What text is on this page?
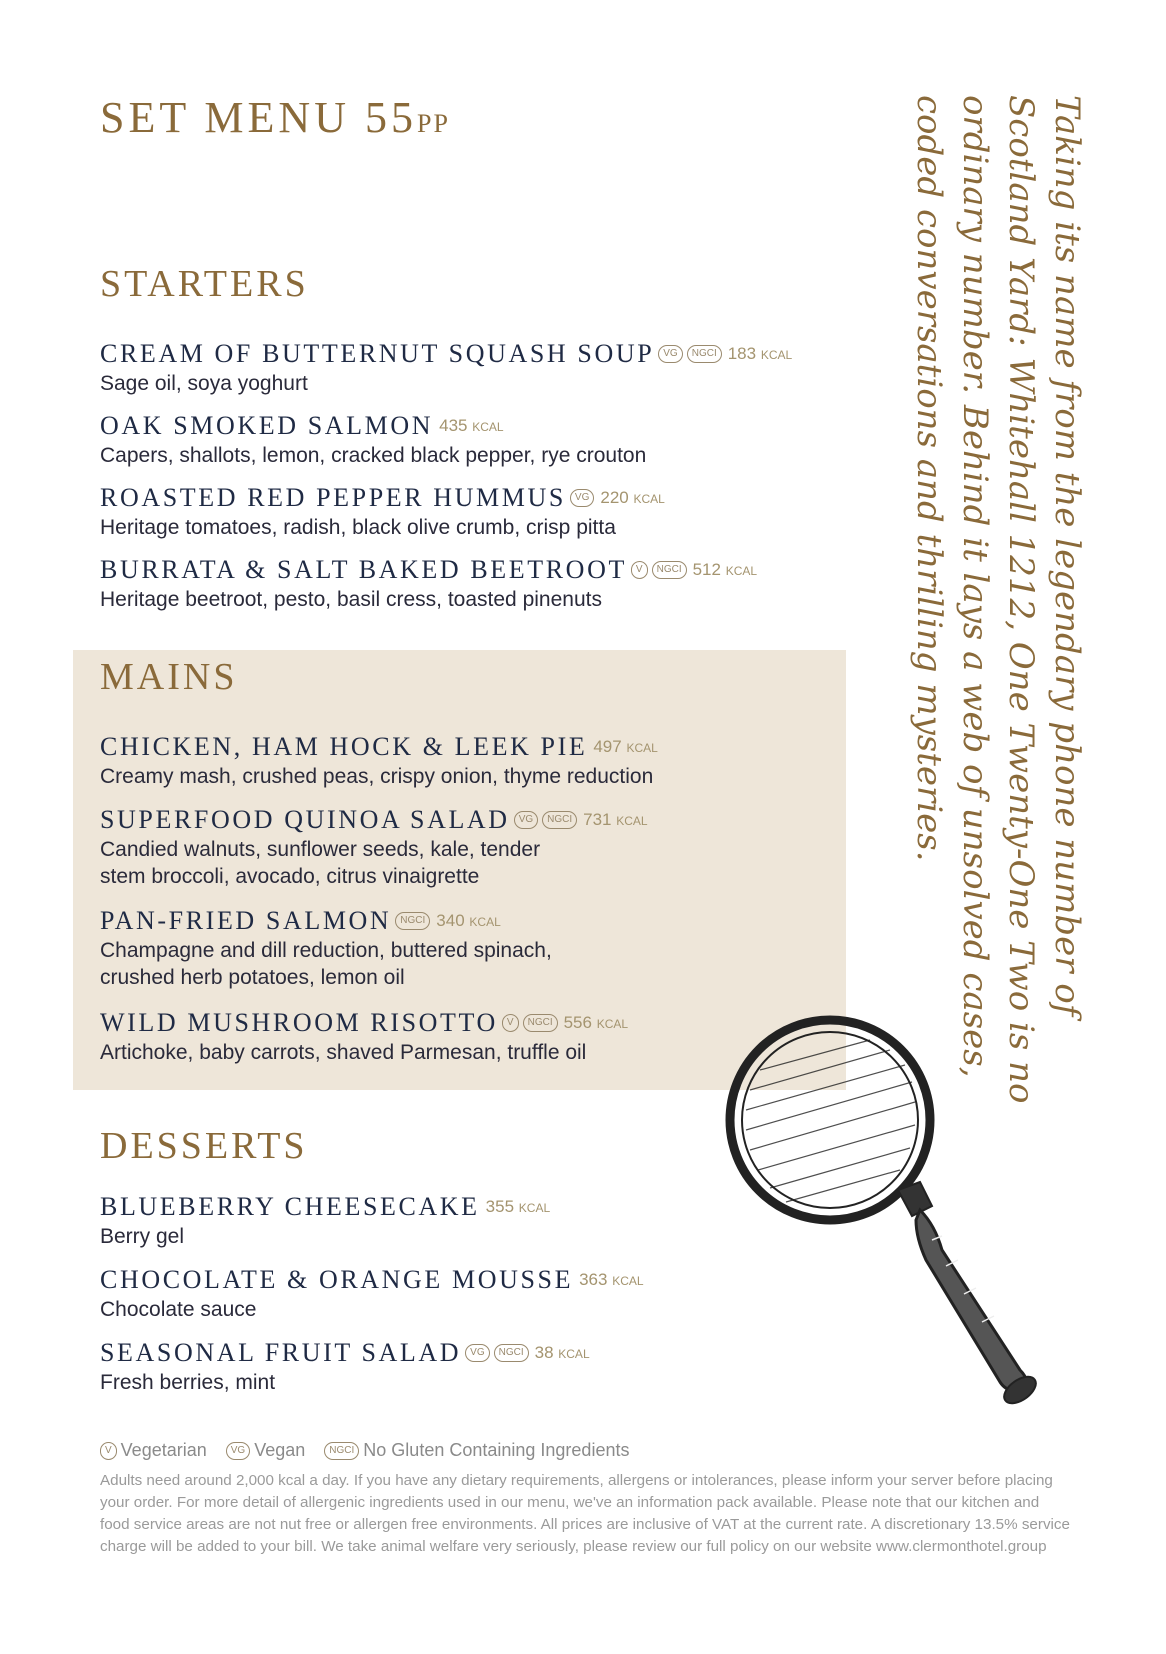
SET MENU 55PP
STARTERS
CREAM OF BUTTERNUT SQUASH SOUP VG NGCI 183 KCAL
Sage oil, soya yoghurt
OAK SMOKED SALMON 435 KCAL
Capers, shallots, lemon, cracked black pepper, rye crouton
ROASTED RED PEPPER HUMMUS VG 220 KCAL
Heritage tomatoes, radish, black olive crumb, crisp pitta
BURRATA & SALT BAKED BEETROOT V NGCI 512 KCAL
Heritage beetroot, pesto, basil cress, toasted pinenuts
MAINS
CHICKEN, HAM HOCK & LEEK PIE 497 KCAL
Creamy mash, crushed peas, crispy onion, thyme reduction
SUPERFOOD QUINOA SALAD VG NGCI 731 KCAL
Candied walnuts, sunflower seeds, kale, tender
stem broccoli, avocado, citrus vinaigrette
PAN-FRIED SALMON NGCI 340 KCAL
Champagne and dill reduction, buttered spinach,
crushed herb potatoes, lemon oil
WILD MUSHROOM RISOTTO V NGCI 556 KCAL
Artichoke, baby carrots, shaved Parmesan, truffle oil
DESSERTS
BLUEBERRY CHEESECAKE 355 KCAL
Berry gel
CHOCOLATE & ORANGE MOUSSE 363 KCAL
Chocolate sauce
SEASONAL FRUIT SALAD VG NGCI 38 KCAL
Fresh berries, mint
V Vegetarian VG Vegan NGCI No Gluten Containing Ingredients
Adults need around 2,000 kcal a day. If you have any dietary requirements, allergens or intolerances, please inform your server before placing your order. For more detail of allergenic ingredients used in our menu, we've an information pack available. Please note that our kitchen and food service areas are not nut free or allergen free environments. All prices are inclusive of VAT at the current rate. A discretionary 13.5% service charge will be added to your bill. We take animal welfare very seriously, please review our full policy on our website www.clermonthotel.group
Taking its name from the legendary phone number of Scotland Yard: Whitehall 1212, One Twenty-One Two is no ordinary number. Behind it lays a web of unsolved cases, coded conversations and thrilling mysteries.
